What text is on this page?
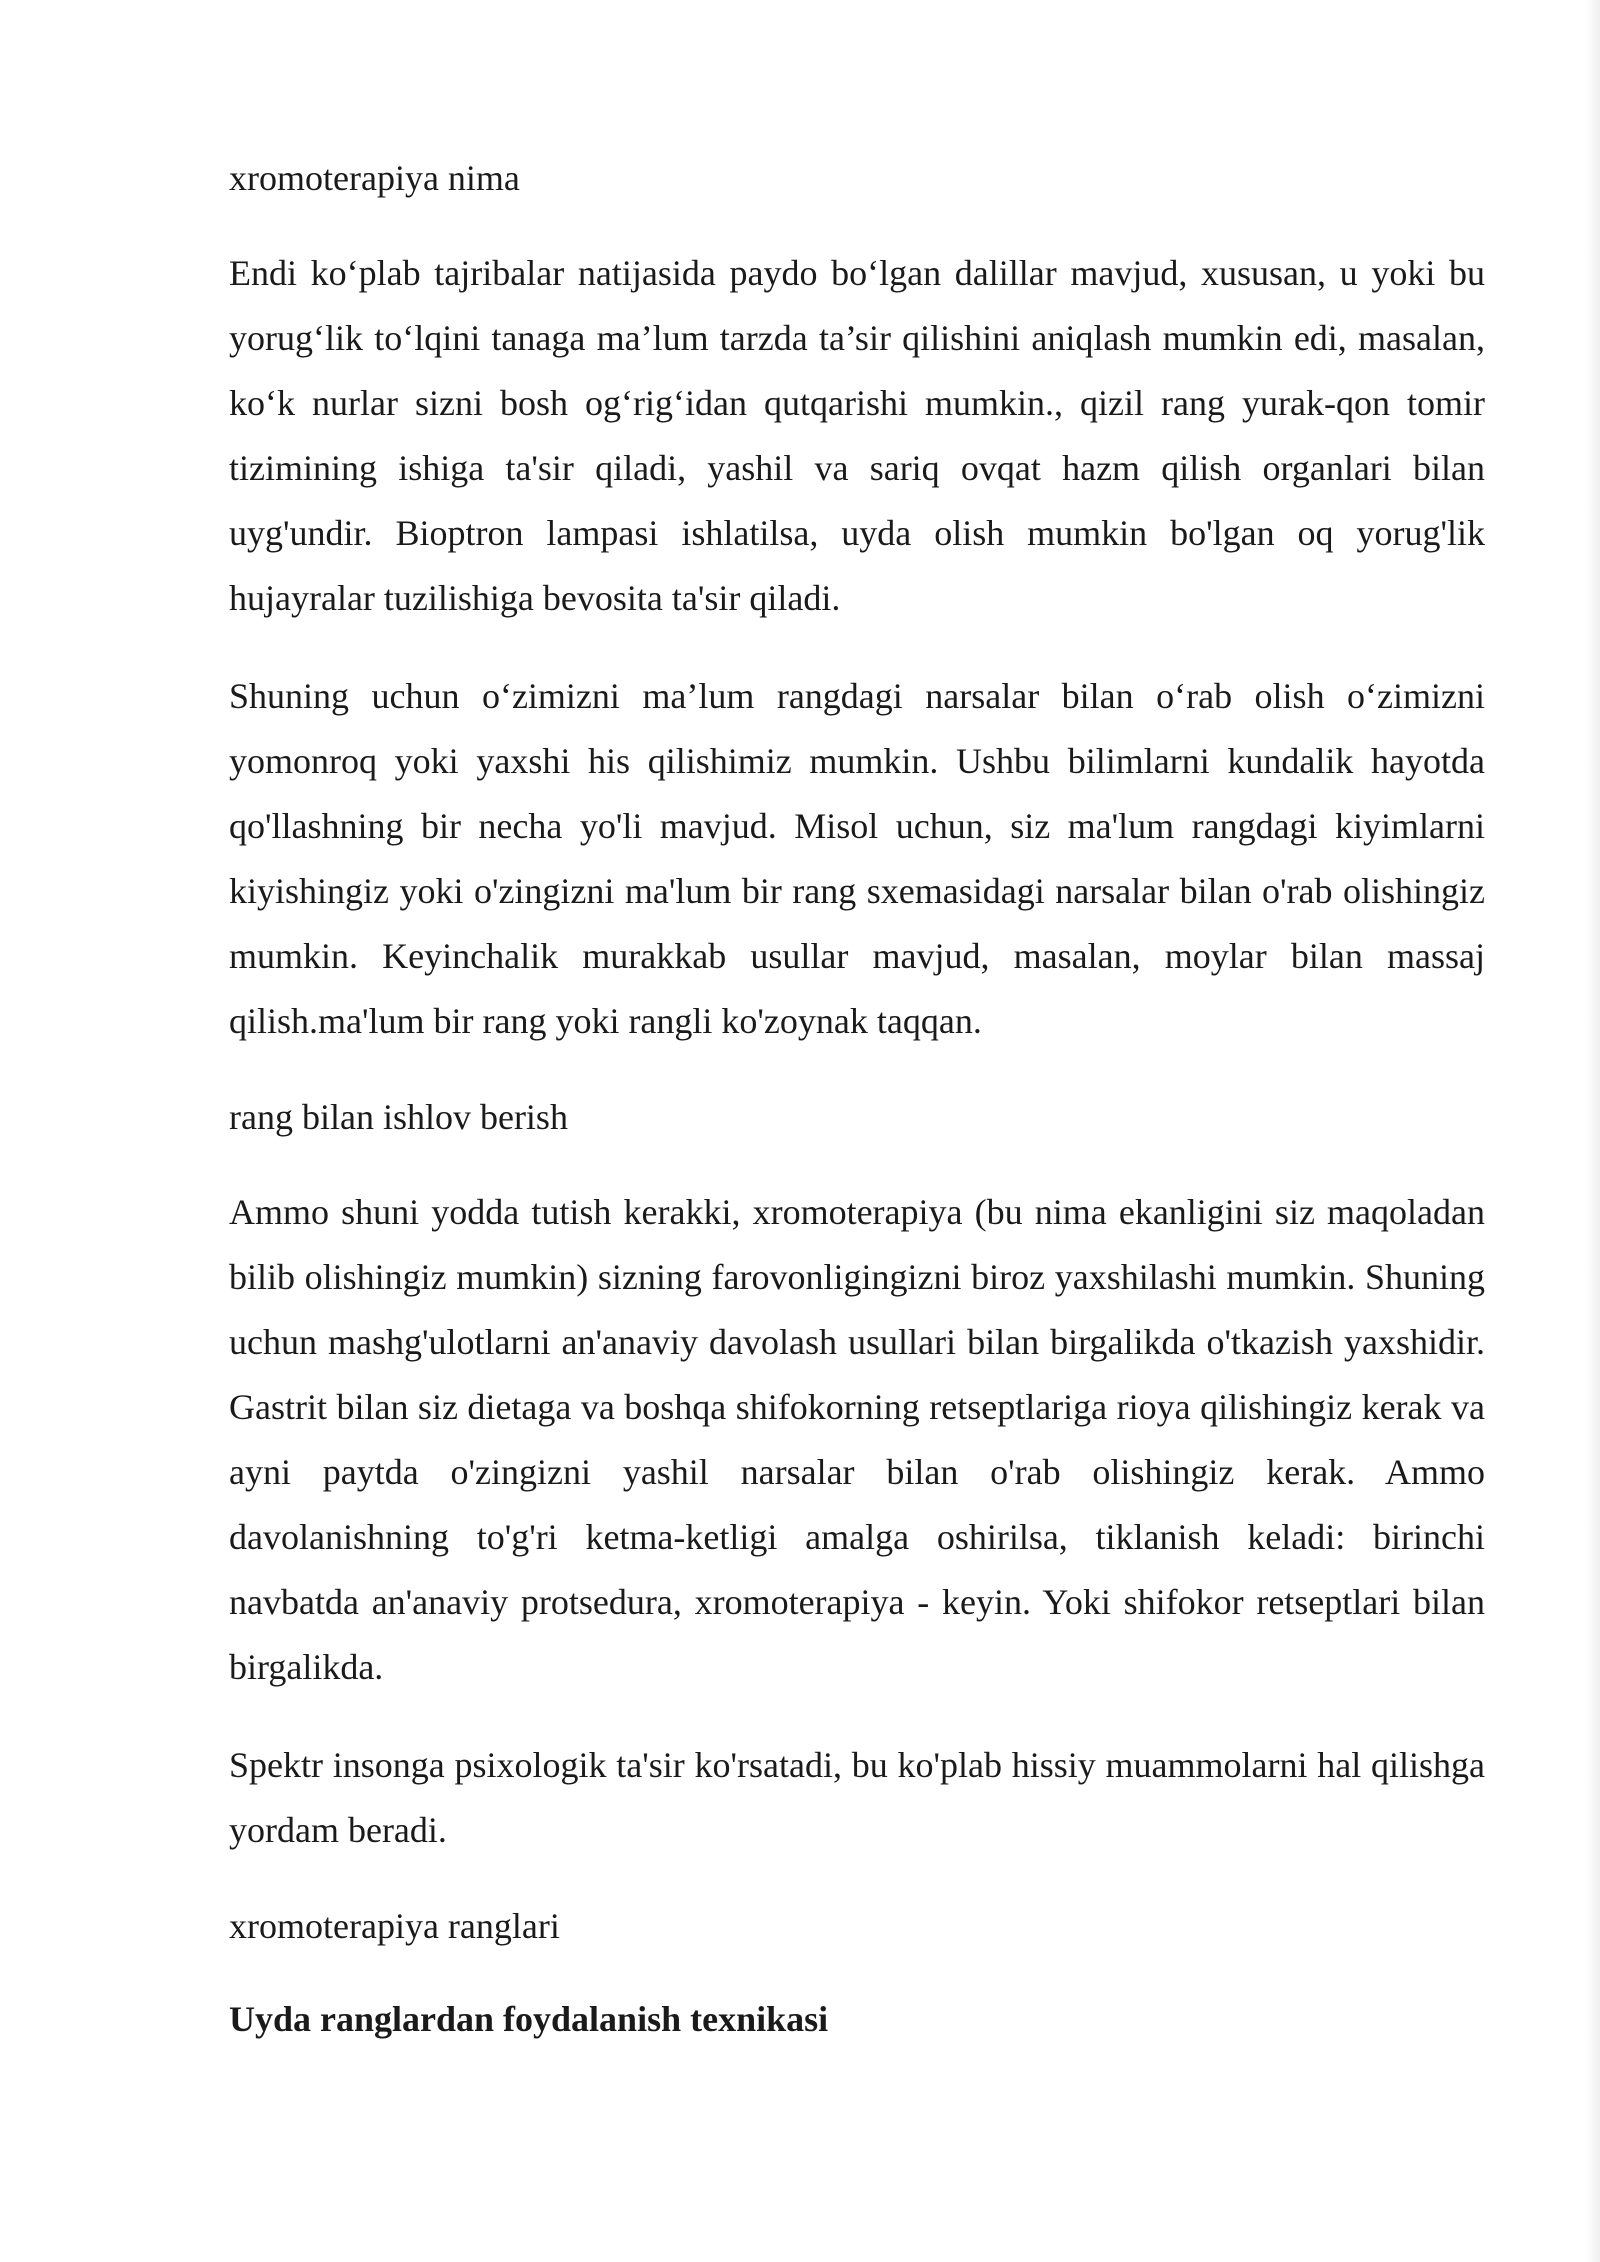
xromoterapiya nima

Endi ko‘plab tajribalar natijasida paydo bo‘lgan dalillar mavjud, xususan, u yoki bu yorug‘lik to‘lqini tanaga ma’lum tarzda ta’sir qilishini aniqlash mumkin edi, masalan, ko‘k nurlar sizni bosh og‘rig‘idan qutqarishi mumkin., qizil rang yurak-qon tomir tizimining ishiga ta'sir qiladi, yashil va sariq ovqat hazm qilish organlari bilan uyg'undir. Bioptron lampasi ishlatilsa, uyda olish mumkin bo'lgan oq yorug'lik hujayralar tuzilishiga bevosita ta'sir qiladi.

Shuning uchun o‘zimizni ma’lum rangdagi narsalar bilan o‘rab olish o‘zimizni yomonroq yoki yaxshi his qilishimiz mumkin. Ushbu bilimlarni kundalik hayotda qo'llashning bir necha yo'li mavjud. Misol uchun, siz ma'lum rangdagi kiyimlarni kiyishingiz yoki o'zingizni ma'lum bir rang sxemasidagi narsalar bilan o'rab olishingiz mumkin. Keyinchalik murakkab usullar mavjud, masalan, moylar bilan massaj qilish.ma'lum bir rang yoki rangli ko'zoynak taqqan.

rang bilan ishlov berish

Ammo shuni yodda tutish kerakki, xromoterapiya (bu nima ekanligini siz maqoladan bilib olishingiz mumkin) sizning farovonligingizni biroz yaxshilashi mumkin. Shuning uchun mashg'ulotlarni an'anaviy davolash usullari bilan birgalikda o'tkazish yaxshidir. Gastrit bilan siz dietaga va boshqa shifokorning retseptlariga rioya qilishingiz kerak va ayni paytda o'zingizni yashil narsalar bilan o'rab olishingiz kerak. Ammo davolanishning to'g'ri ketma-ketligi amalga oshirilsa, tiklanish keladi: birinchi navbatda an'anaviy protsedura, xromoterapiya - keyin. Yoki shifokor retseptlari bilan birgalikda.

Spektr insonga psixologik ta'sir ko'rsatadi, bu ko'plab hissiy muammolarni hal qilishga yordam beradi.

xromoterapiya ranglari

Uyda ranglardan foydalanish texnikasi
